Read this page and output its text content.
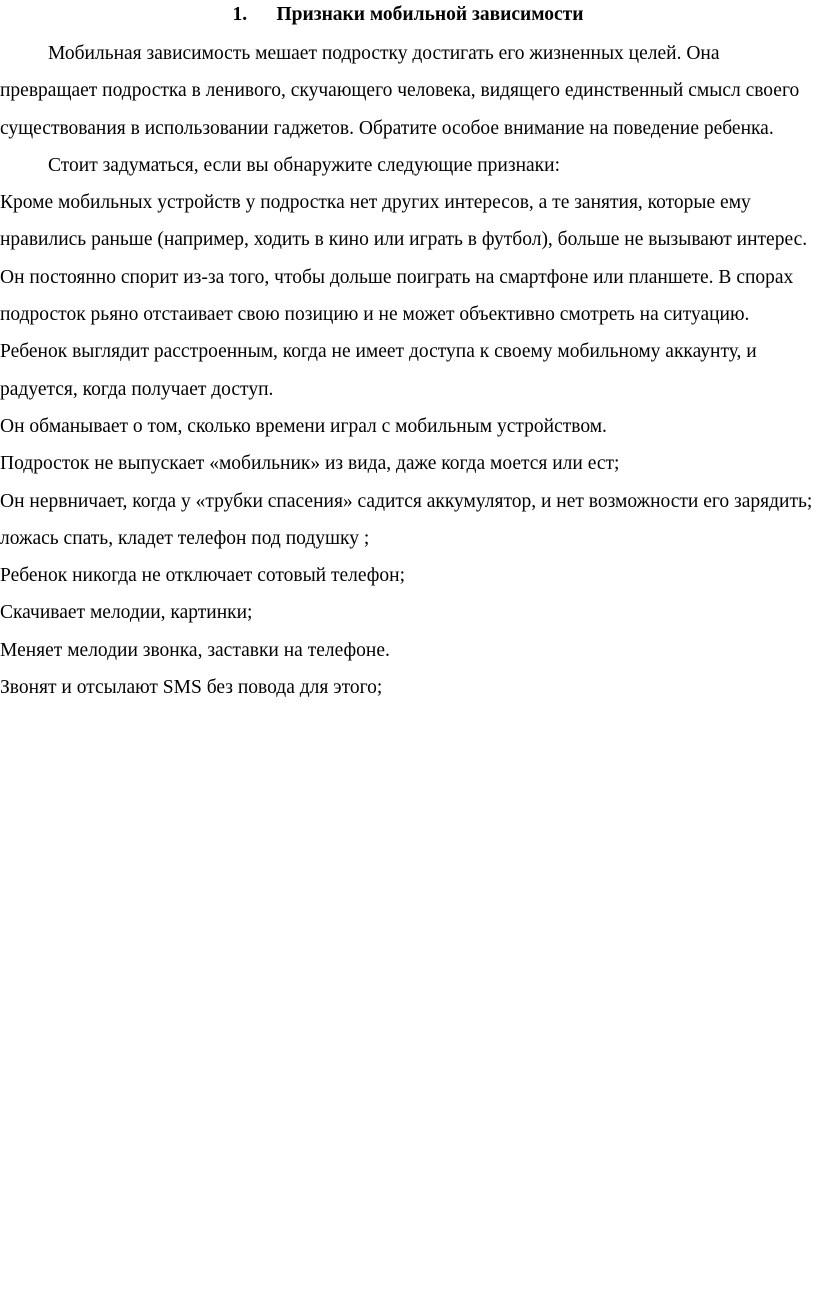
1. Признаки мобильной зависимости

Мобильная зависимость мешает подростку достигать его жизненных целей. Она превращает подростка в ленивого, скучающего человека, видящего единственный смысл своего существования в использовании гаджетов. Обратите особое внимание на поведение ребенка.

Стоит задуматься, если вы обнаружите следующие признаки:

Кроме мобильных устройств у подростка нет других интересов, а те занятия, которые ему нравились раньше (например, ходить в кино или играть в футбол), больше не вызывают интерес.

Он постоянно спорит из-за того, чтобы дольше поиграть на смартфоне или планшете. В спорах подросток рьяно отстаивает свою позицию и не может объективно смотреть на ситуацию.

Ребенок выглядит расстроенным, когда не имеет доступа к своему мобильному аккаунту, и радуется, когда получает доступ.

Он обманывает о том, сколько времени играл с мобильным устройством.

Подросток не выпускает «мобильник» из вида, даже когда моется или ест;

Он нервничает, когда у «трубки спасения» садится аккумулятор, и нет возможности его зарядить;

ложась спать, кладет телефон под подушку ;

Ребенок никогда не отключает сотовый телефон;

Скачивает мелодии, картинки;

Меняет мелодии звонка, заставки на телефоне.

Звонят и отсылают SMS без повода для этого;
